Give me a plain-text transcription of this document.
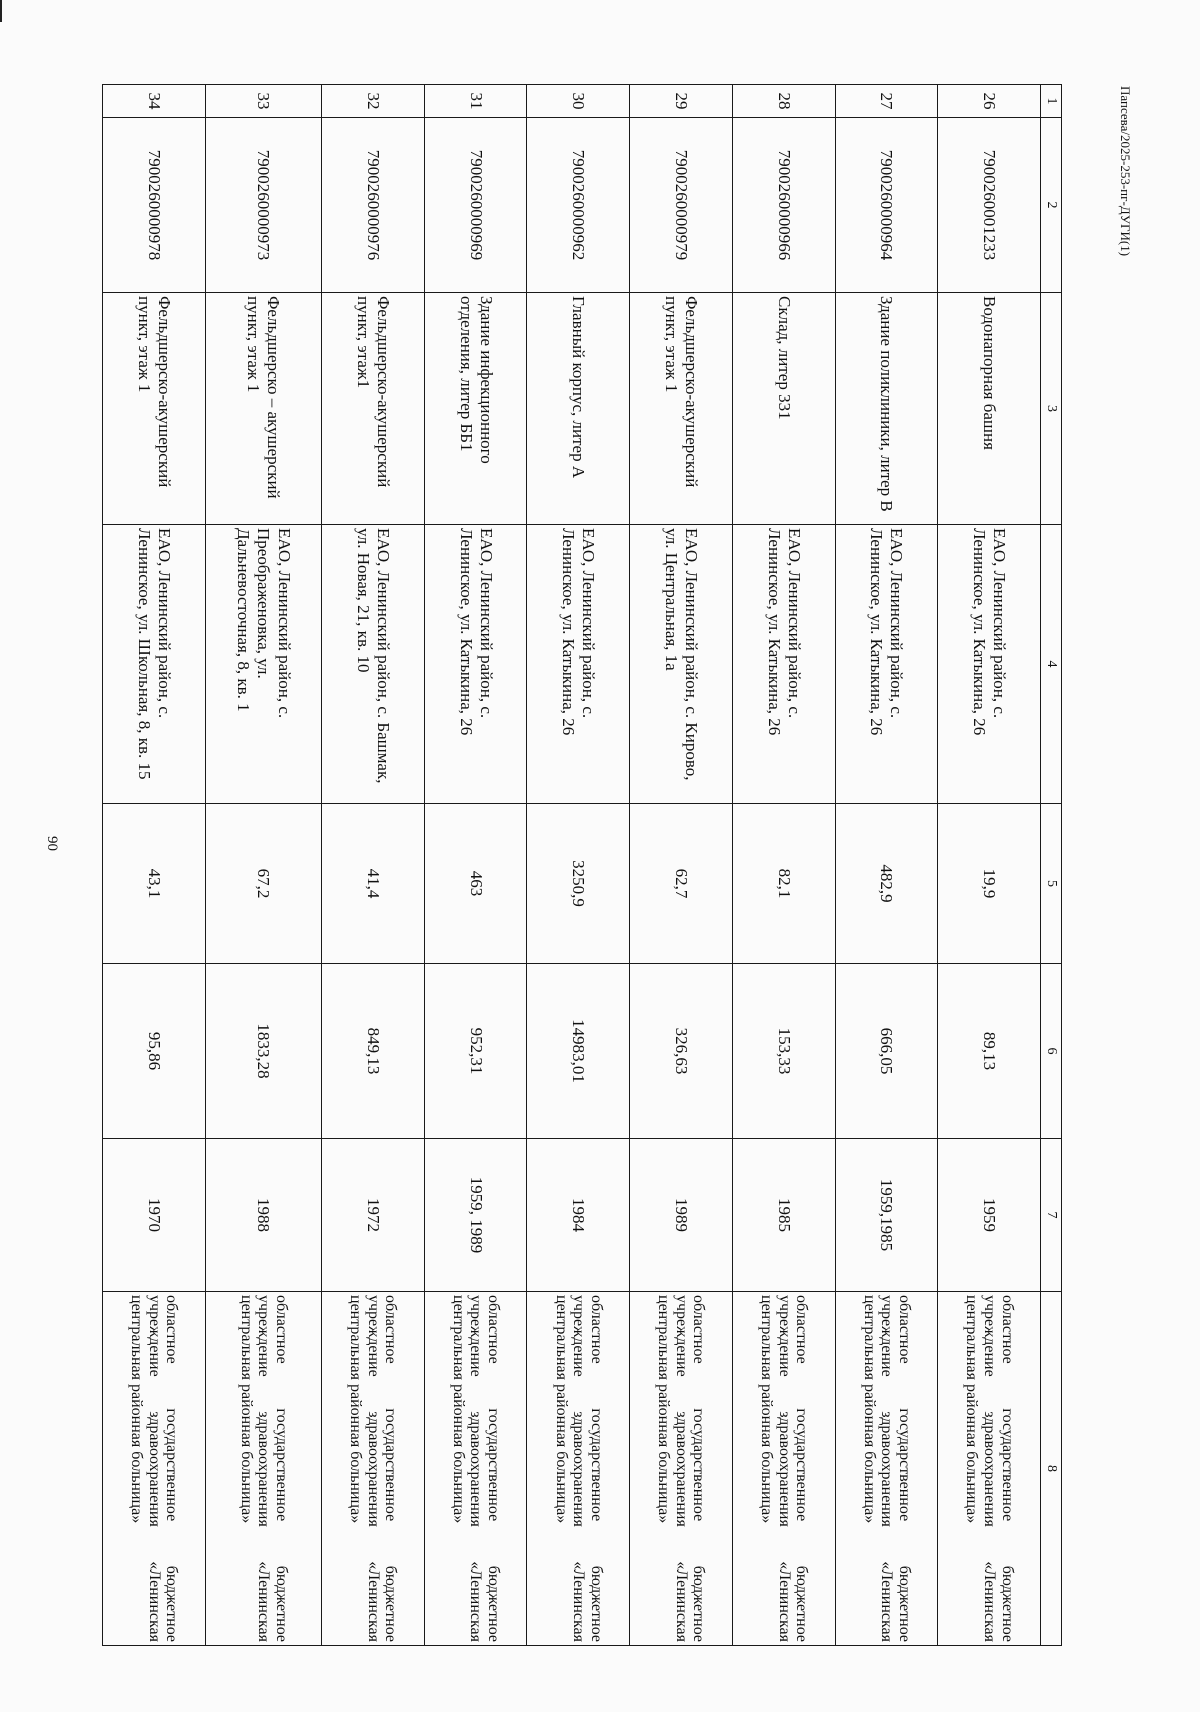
90
1	2	3	4	5	6	7	8
26	7900260001233	Водонапорная башня	ЕАО, Ленинский район, с. Ленинское, ул. Катыкина, 26	19,9	89,13	1959	областное государственное бюджетное учреждение здравоохранения «Ленинская центральная районная больница»
27	7900260000964	Здание поликлиники, литер В	ЕАО, Ленинский район, с. Ленинское, ул. Катыкина, 26	482,9	666,05	1959,1985	областное государственное бюджетное учреждение здравоохранения «Ленинская центральная районная больница»
28	7900260000966	Склад, литер 331	ЕАО, Ленинский район, с. Ленинское, ул. Катыкина, 26	82,1	153,33	1985	областное государственное бюджетное учреждение здравоохранения «Ленинская центральная районная больница»
29	7900260000979	Фельдшерско-акушерский пункт, этаж 1	ЕАО, Ленинский район, с. Кирово, ул. Центральная, 1а	62,7	326,63	1989	областное государственное бюджетное учреждение здравоохранения «Ленинская центральная районная больница»
30	7900260000962	Главный корпус, литер А	ЕАО, Ленинский район, с. Ленинское, ул. Катыкина, 26	3250,9	14983,01	1984	областное государственное бюджетное учреждение здравоохранения «Ленинская центральная районная больница»
31	7900260000969	Здание инфекционного отделения, литер ББ1	ЕАО, Ленинский район, с. Ленинское, ул. Катыкина, 26	463	952,31	1959, 1989	областное государственное бюджетное учреждение здравоохранения «Ленинская центральная районная больница»
32	7900260000976	Фельдшерско-акушерский пункт, этаж1	ЕАО, Ленинский район, с. Башмак, ул. Новая, 21, кв. 10	41,4	849,13	1972	областное государственное бюджетное учреждение здравоохранения «Ленинская центральная районная больница»
33	7900260000973	Фельдшерско – акушерский пункт, этаж 1	ЕАО, Ленинский район, с. Преображеновка, ул. Дальневосточная, 8, кв. 1	67,2	1833,28	1988	областное государственное бюджетное учреждение здравоохранения «Ленинская центральная районная больница»
34	7900260000978	Фельдшерско-акушерский пункт, этаж 1	ЕАО, Ленинский район, с. Ленинское, ул. Школьная, 8, кв. 15	43,1	95,86	1970	областное государственное бюджетное учреждение здравоохранения «Ленинская центральная районная больница»
Папсева/2025-253-пг-ДУГИ(1)
